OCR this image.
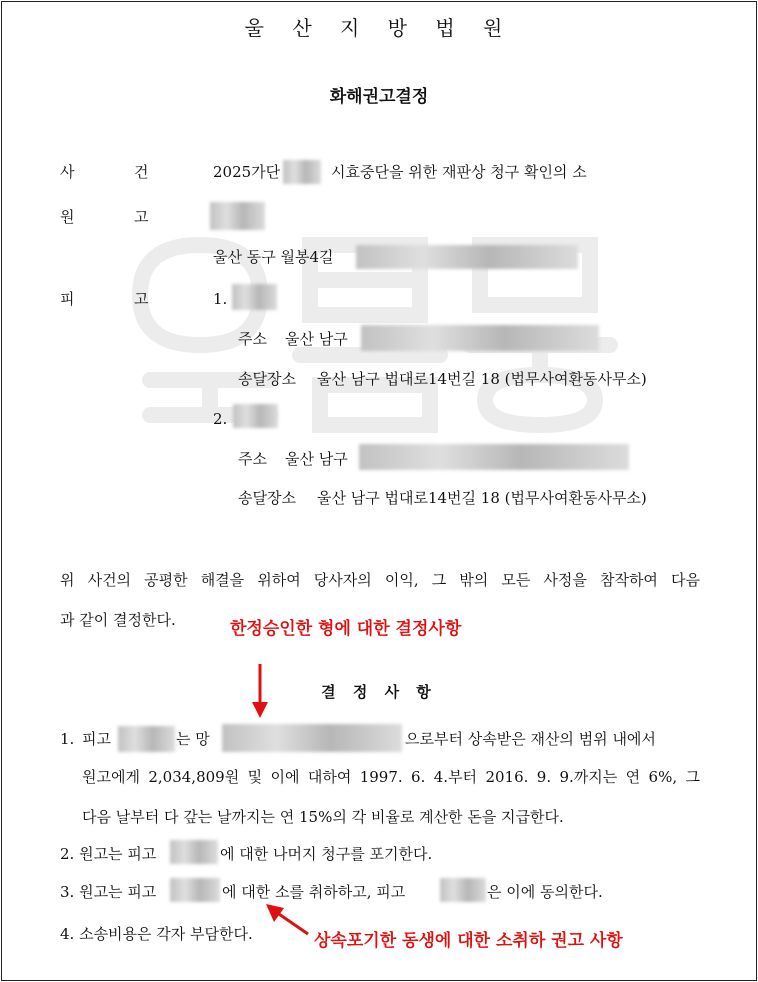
울 산 지 방 법 원
화해권고결정
사	건	2025가단	시효중단을 위한 재판상 청구 확인의 소
원	고
울산 동구 월봉4길
피	고	1.
주소 울산 남구
송달장소 울산 남구 법대로14번길 18 (법무사여환동사무소)
2.
주소 울산 남구
송달장소 울산 남구 법대로14번길 18 (법무사여환동사무소)
위 사건의 공평한 해결을 위하여 당사자의 이익, 그 밖의 모든 사정을 참작하여 다음
과 같이 결정한다.	한정승인한 형에 대한 결정사항
결 정 사 항
1. 피고	는 망	으로부터 상속받은 재산의 범위 내에서
원고에게 2,034,809원 및 이에 대하여 1997. 6. 4.부터 2016. 9. 9.까지는 연 6%, 그
다음 날부터 다 갚는 날까지는 연 15%의 각 비율로 계산한 돈을 지급한다.
2. 원고는 피고	에 대한 나머지 청구를 포기한다.
3. 원고는 피고	에 대한 소를 취하하고, 피고	은 이에 동의한다.
4. 소송비용은 각자 부담한다.	상속포기한 동생에 대한 소취하 권고 사항
